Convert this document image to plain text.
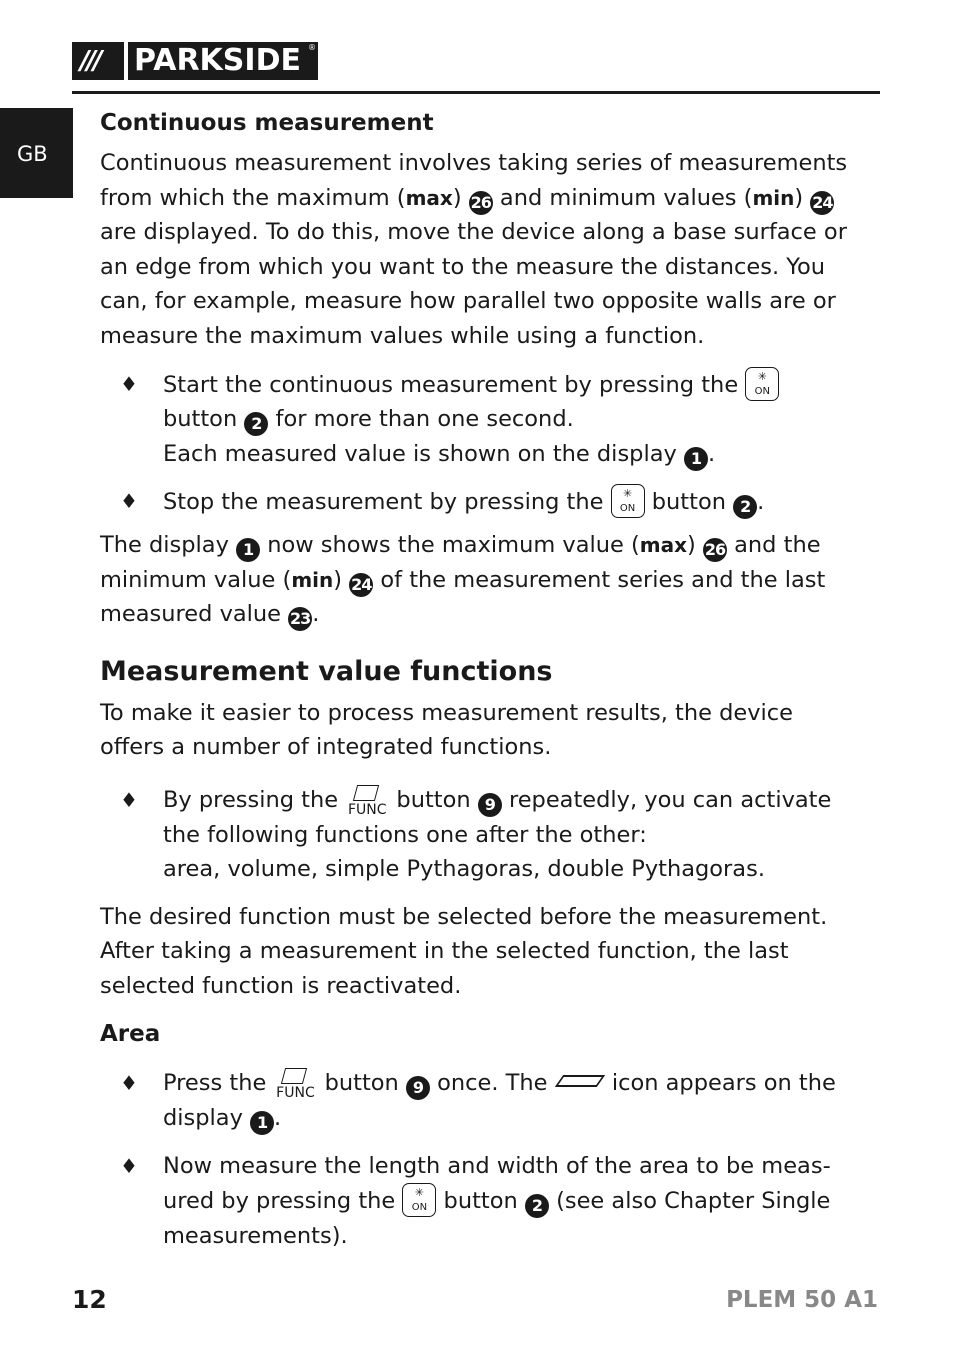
///	PARKSIDE ®
GB
Continuous measurement

Continuous measurement involves taking series of measurements from which the maximum (max) 26 and minimum values (min) 24 are displayed. To do this, move the device along a base surface or an edge from which you want to the measure the distances. You can, for example, measure how parallel two opposite walls are or measure the maximum values while using a function.

♦ Start the continuous measurement by pressing the	✳
ON
button 2 for more than one second.
Each measured value is shown on the display 1 .

♦ Stop the measurement by pressing the	✳
ON button 2 .

The display 1 now shows the maximum value (max) 26 and the minimum value (min) 24 of the measurement series and the last measured value 23.

Measurement value functions

To make it easier to process measurement results, the device offers a number of integrated functions.

♦ By pressing the FUNC button 9 repeatedly, you can activate the following functions one after the other:
area, volume, simple Pythagoras, double Pythagoras.

The desired function must be selected before the measurement. After taking a measurement in the selected function, the last selected function is reactivated.

Area

♦ Press the FUNC button 9 once. The  icon appears on the display 1 .

♦ Now measure the length and width of the area to be meas-ured by pressing the	✳
ON button 2 (see also Chapter Single measurements).

12	PLEM 50 A1
